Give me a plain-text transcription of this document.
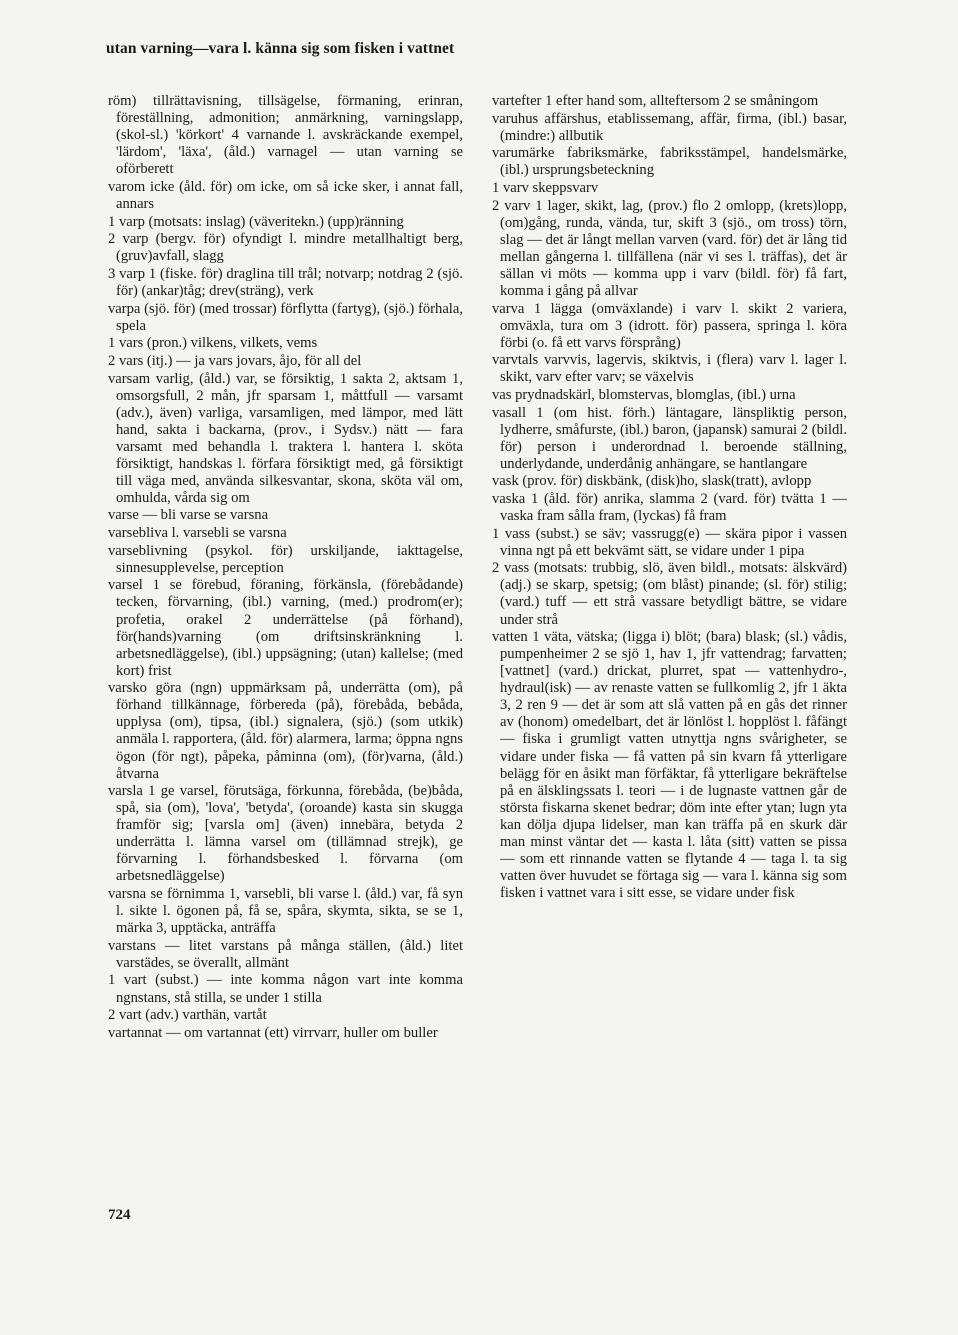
utan varning—vara l. känna sig som fisken i vattnet

röm) tillrättavisning, tillsägelse, förmaning, erinran, föreställning, admonition; anmärkning, varningslapp, (skol-sl.) 'körkort' 4 varnande l. avskräckande exempel, 'lärdom', 'läxa', (åld.) varnagel — utan varning se oförberett

varom icke (åld. för) om icke, om så icke sker, i annat fall, annars

1 varp (motsats: inslag) (väveritekn.) (upp)ränning

2 varp (bergv. för) ofyndigt l. mindre metallhaltigt berg, (gruv)avfall, slagg

3 varp 1 (fiske. för) draglina till trål; notvarp; notdrag 2 (sjö. för) (ankar)tåg; drev(sträng), verk

varpa (sjö. för) (med trossar) förflytta (fartyg), (sjö.) förhala, spela

1 vars (pron.) vilkens, vilkets, vems

2 vars (itj.) — ja vars jovars, åjo, för all del

varsam varlig, (åld.) var, se försiktig, 1 sakta 2, aktsam 1, omsorgsfull, 2 mån, jfr sparsam 1, måttfull — varsamt (adv.), även) varliga, varsamligen, med lämpor, med lätt hand, sakta i backarna, (prov., i Sydsv.) nätt — fara varsamt med behandla l. traktera l. hantera l. sköta försiktigt, handskas l. förfara försiktigt med, gå försiktigt till väga med, använda silkesvantar, skona, sköta väl om, omhulda, vårda sig om

varse — bli varse se varsna

varsebliva l. varsebli se varsna

varseblivning (psykol. för) urskiljande, iakttagelse, sinnesupplevelse, perception

varsel 1 se förebud, föraning, förkänsla, (förebådande) tecken, förvarning, (ibl.) varning, (med.) prodrom(er); profetia, orakel 2 underrättelse (på förhand), för(hands)varning (om driftsinskränkning l. arbetsnedläggelse), (ibl.) uppsägning; (utan) kallelse; (med kort) frist

varsko göra (ngn) uppmärksam på, underrätta (om), på förhand tillkännage, förbereda (på), förebåda, bebåda, upplysa (om), tipsa, (ibl.) signalera, (sjö.) (som utkik) anmäla l. rapportera, (åld. för) alarmera, larma; öppna ngns ögon (för ngt), påpeka, påminna (om), (för)varna, (åld.) åtvarna

varsla 1 ge varsel, förutsäga, förkunna, förebåda, (be)båda, spå, sia (om), 'lova', 'betyda', (oroande) kasta sin skugga framför sig; [varsla om] (även) innebära, betyda 2 underrätta l. lämna varsel om (tillämnad strejk), ge förvarning l. förhandsbesked l. förvarna (om arbetsnedläggelse)

varsna se förnimma 1, varsebli, bli varse l. (åld.) var, få syn l. sikte l. ögonen på, få se, spåra, skymta, sikta, se se 1, märka 3, upptäcka, anträffa

varstans — litet varstans på många ställen, (åld.) litet varstädes, se överallt, allmänt

1 vart (subst.) — inte komma någon vart inte komma ngnstans, stå stilla, se under 1 stilla

2 vart (adv.) varthän, vartåt

vartannat — om vartannat (ett) virrvarr, huller om buller

vartefter 1 efter hand som, allteftersom 2 se småningom

varuhus affärshus, etablissemang, affär, firma, (ibl.) basar, (mindre:) allbutik

varumärke fabriksmärke, fabriksstämpel, handelsmärke, (ibl.) ursprungsbeteckning

1 varv skeppsvarv

2 varv 1 lager, skikt, lag, (prov.) flo 2 omlopp, (krets)lopp, (om)gång, runda, vända, tur, skift 3 (sjö., om tross) törn, slag — det är långt mellan varven (vard. för) det är lång tid mellan gångerna l. tillfällena (när vi ses l. träffas), det är sällan vi möts — komma upp i varv (bildl. för) få fart, komma i gång på allvar

varva 1 lägga (omväxlande) i varv l. skikt 2 variera, omväxla, tura om 3 (idrott. för) passera, springa l. köra förbi (o. få ett varvs försprång)

varvtals varvvis, lagervis, skiktvis, i (flera) varv l. lager l. skikt, varv efter varv; se växelvis

vas prydnadskärl, blomstervas, blomglas, (ibl.) urna

vasall 1 (om hist. förh.) läntagare, länspliktig person, lydherre, småfurste, (ibl.) baron, (japansk) samurai 2 (bildl. för) person i underordnad l. beroende ställning, underlydande, underdånig anhängare, se hantlangare

vask (prov. för) diskbänk, (disk)ho, slask(tratt), avlopp

vaska 1 (åld. för) anrika, slamma 2 (vard. för) tvätta 1 — vaska fram sålla fram, (lyckas) få fram

1 vass (subst.) se säv; vassrugg(e) — skära pipor i vassen vinna ngt på ett bekvämt sätt, se vidare under 1 pipa

2 vass (motsats: trubbig, slö, även bildl., motsats: älskvärd) (adj.) se skarp, spetsig; (om blåst) pinande; (sl. för) stilig; (vard.) tuff — ett strå vassare betydligt bättre, se vidare under strå

vatten 1 väta, vätska; (ligga i) blöt; (bara) blask; (sl.) vådis, pumpenheimer 2 se sjö 1, hav 1, jfr vattendrag; farvatten; [vattnet] (vard.) drickat, plurret, spat — vattenhydro-, hydraul(isk) — av renaste vatten se fullkomlig 2, jfr 1 äkta 3, 2 ren 9 — det är som att slå vatten på en gås det rinner av (honom) omedelbart, det är lönlöst l. hopplöst l. fåfängt — fiska i grumligt vatten utnyttja ngns svårigheter, se vidare under fiska — få vatten på sin kvarn få ytterligare belägg för en åsikt man förfäktar, få ytterligare bekräftelse på en älsklingssats l. teori — i de lugnaste vattnen går de största fiskarna skenet bedrar; döm inte efter ytan; lugn yta kan dölja djupa lidelser, man kan träffa på en skurk där man minst väntar det — kasta l. låta (sitt) vatten se pissa — som ett rinnande vatten se flytande 4 — taga l. ta sig vatten över huvudet se förtaga sig — vara l. känna sig som fisken i vattnet vara i sitt esse, se vidare under fisk

724
